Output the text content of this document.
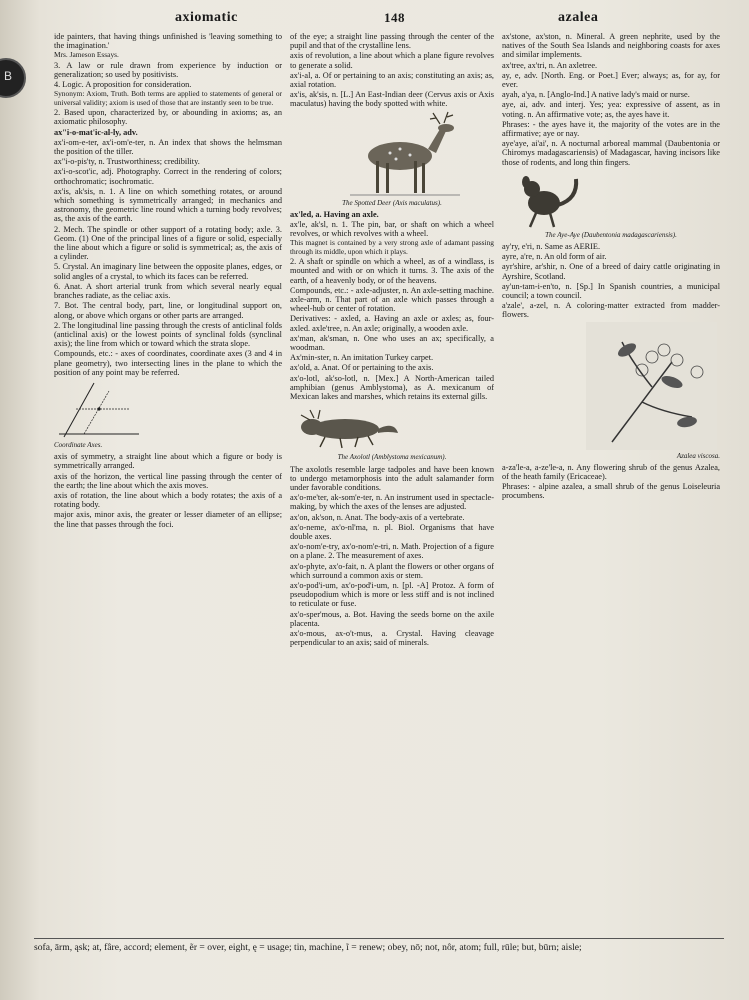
B
axiomatic	148	azalea

ide painters, that having things unfinished is 'leaving something to the imagination.'

Mrs. Jameson Essays.

3. A law or rule drawn from experience by induction or generalization; so used by positivists.

4. Logic. A proposition for consideration.

Synonym: Axiom, Truth. Both terms are applied to statements of general or universal validity; axiom is used of those that are instantly seen to be true.

2. Based upon, characterized by, or abounding in axioms; as, an axiomatic philosophy.

ax"i-o-mat'ic-al-ly, adv.

ax'i-om-e-ter, ax'i-om'e-ter, n. An index that shows the helmsman the position of the tiller.

ax"i-o-pis'ty, n. Trustworthiness; credibility.

ax'i-o-scot'ic, adj. Photography. Correct in the rendering of colors; orthochromatic; isochromatic.

ax'is, ak'sis, n. 1. A line on which something rotates, or around which something is symmetrically arranged; in mechanics and astronomy, the geometric line round which a turning body revolves; as, the axis of the earth.

2. Mech. The spindle or other support of a rotating body; axle. 3. Geom. (1) One of the principal lines of a figure or solid, especially the line about which a figure or solid is symmetrical; as, the axis of a cylinder.

5. Crystal. An imaginary line between the opposite planes, edges, or solid angles of a crystal, to which its faces can be referred.

6. Anat. A short arterial trunk from which several nearly equal branches radiate, as the celiac axis.

7. Bot. The central body, part, line, or longitudinal support on, along, or above which organs or other parts are arranged.

2. The longitudinal line passing through the crests of anticlinal folds (anticlinal axis) or the lowest points of synclinal folds (synclinal axis); the line from which or toward which the strata slope.

Compounds, etc.: - axes of coordinates, coordinate axes (3 and 4 in plane geometry), two intersecting lines in the plane to which the position of any point may be referred.

Coordinate Axes.

axis of symmetry, a straight line about which a figure or body is symmetrically arranged.

axis of the horizon, the vertical line passing through the center of the earth; the line about which the axis moves.

axis of rotation, the line about which a body rotates; the axis of a rotating body.

major axis, minor axis, the greater or lesser diameter of an ellipse; the line that passes through the foci.

of the eye; a straight line passing through the center of the pupil and that of the crystalline lens.

axis of revolution, a line about which a plane figure revolves to generate a solid.

ax'i-al, a. Of or pertaining to an axis; constituting an axis; as, axial rotation.

ax'is, ak'sis, n. [L.] An East-Indian deer (Cervus axis or Axis maculatus) having the body spotted with white.

The Spotted Deer (Axis maculatus).

ax'led, a. Having an axle.

ax'le, ak'sl, n. 1. The pin, bar, or shaft on which a wheel revolves, or which revolves with a wheel.

This magnet is contained by a very strong axle of adamant passing through its middle, upon which it plays.

2. A shaft or spindle on which a wheel, as of a windlass, is mounted and with or on which it turns. 3. The axis of the earth, of a heavenly body, or of the heavens.

Compounds, etc.: - axle-adjuster, n. An axle-setting machine. axle-arm, n. That part of an axle which passes through a wheel-hub or center of rotation.

Derivatives: - axled, a. Having an axle or axles; as, four-axled. axle'tree, n. An axle; originally, a wooden axle.

ax'man, ak'sman, n. One who uses an ax; specifically, a woodman.

Ax'min-ster, n. An imitation Turkey carpet.

ax'old, a. Anat. Of or pertaining to the axis.

ax'o-lotl, ak'so-lotl, n. [Mex.] A North-American tailed amphibian (genus Amblystoma), as A. mexicanum of Mexican lakes and marshes, which retains its external gills.

The Axolotl (Amblystoma mexicanum).

The axolotls resemble large tadpoles and have been known to undergo metamorphosis into the adult salamander form under favorable conditions.

ax'o-me'ter, ak-som'e-ter, n. An instrument used in spectacle-making, by which the axes of the lenses are adjusted.

ax'on, ak'son, n. Anat. The body-axis of a vertebrate.

ax'o-neme, ax'o-nl'ma, n. pl. Biol. Organisms that have double axes.

ax'o-nom'e-try, ax'o-nom'e-tri, n. Math. Projection of a figure on a plane. 2. The measurement of axes.

ax'o-phyte, ax'o-fait, n. A plant the flowers or other organs of which surround a common axis or stem.

ax'o-pod'i-um, ax'o-pod'i-um, n. [pl. -A] Protoz. A form of pseudopodium which is more or less stiff and is not inclined to reticulate or fuse.

ax'o-sper'mous, a. Bot. Having the seeds borne on the axile placenta.

ax'o-mous, ax-o't-mus, a. Crystal. Having cleavage perpendicular to an axis; said of minerals.

ax'stone, ax'ston, n. Mineral. A green nephrite, used by the natives of the South Sea Islands and neighboring coasts for axes and similar implements.

ax'tree, ax'tri, n. An axletree.

ay, e, adv. [North. Eng. or Poet.] Ever; always; as, for ay, for ever.

ayah, a'ya, n. [Anglo-Ind.] A native lady's maid or nurse.

aye, ai, adv. and interj. Yes; yea: expressive of assent, as in voting. n. An affirmative vote; as, the ayes have it.

Phrases: - the ayes have it, the majority of the votes are in the affirmative; aye or nay.

aye'aye, ai'ai', n. A nocturnal arboreal mammal (Daubentonia or Chiromys madagascariensis) of Madagascar, having incisors like those of rodents, and long thin fingers.

The Aye-Aye (Daubentonia madagascariensis).

ay'ry, e'ri, n. Same as AERIE.

ayre, a're, n. An old form of air.

ayr'shire, ar'shir, n. One of a breed of dairy cattle originating in Ayrshire, Scotland.

ay'un-tam-i-en'to, n. [Sp.] In Spanish countries, a municipal council; a town council.

a'zale', a-zel, n. A coloring-matter extracted from madder-flowers.

Azalea viscosa.

a-za'le-a, a-ze'le-a, n. Any flowering shrub of the genus Azalea, of the heath family (Ericaceae).

Phrases: - alpine azalea, a small shrub of the genus Loiseleuria procumbens.

sofa, ārm, ąsk; at, fâre, accord; element, ẽr = over, eight, ę = usage; tin, machine, ĩ = renew; obey, nō; not, nôr, atom; full, rūle; but, būrn; aisle;
